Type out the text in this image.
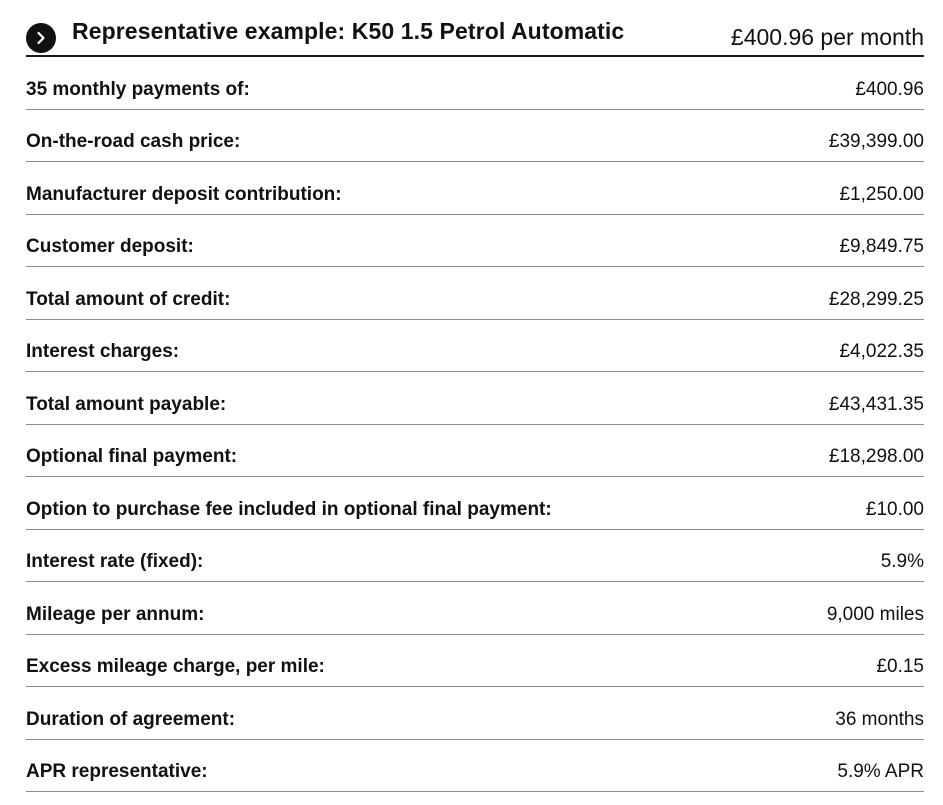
Representative example: K50 1.5 Petrol Automatic	£400.96 per month
35 monthly payments of:	£400.96
On-the-road cash price:	£39,399.00
Manufacturer deposit contribution:	£1,250.00
Customer deposit:	£9,849.75
Total amount of credit:	£28,299.25
Interest charges:	£4,022.35
Total amount payable:	£43,431.35
Optional final payment:	£18,298.00
Option to purchase fee included in optional final payment:	£10.00
Interest rate (fixed):	5.9%
Mileage per annum:	9,000 miles
Excess mileage charge, per mile:	£0.15
Duration of agreement:	36 months
APR representative:	5.9% APR
